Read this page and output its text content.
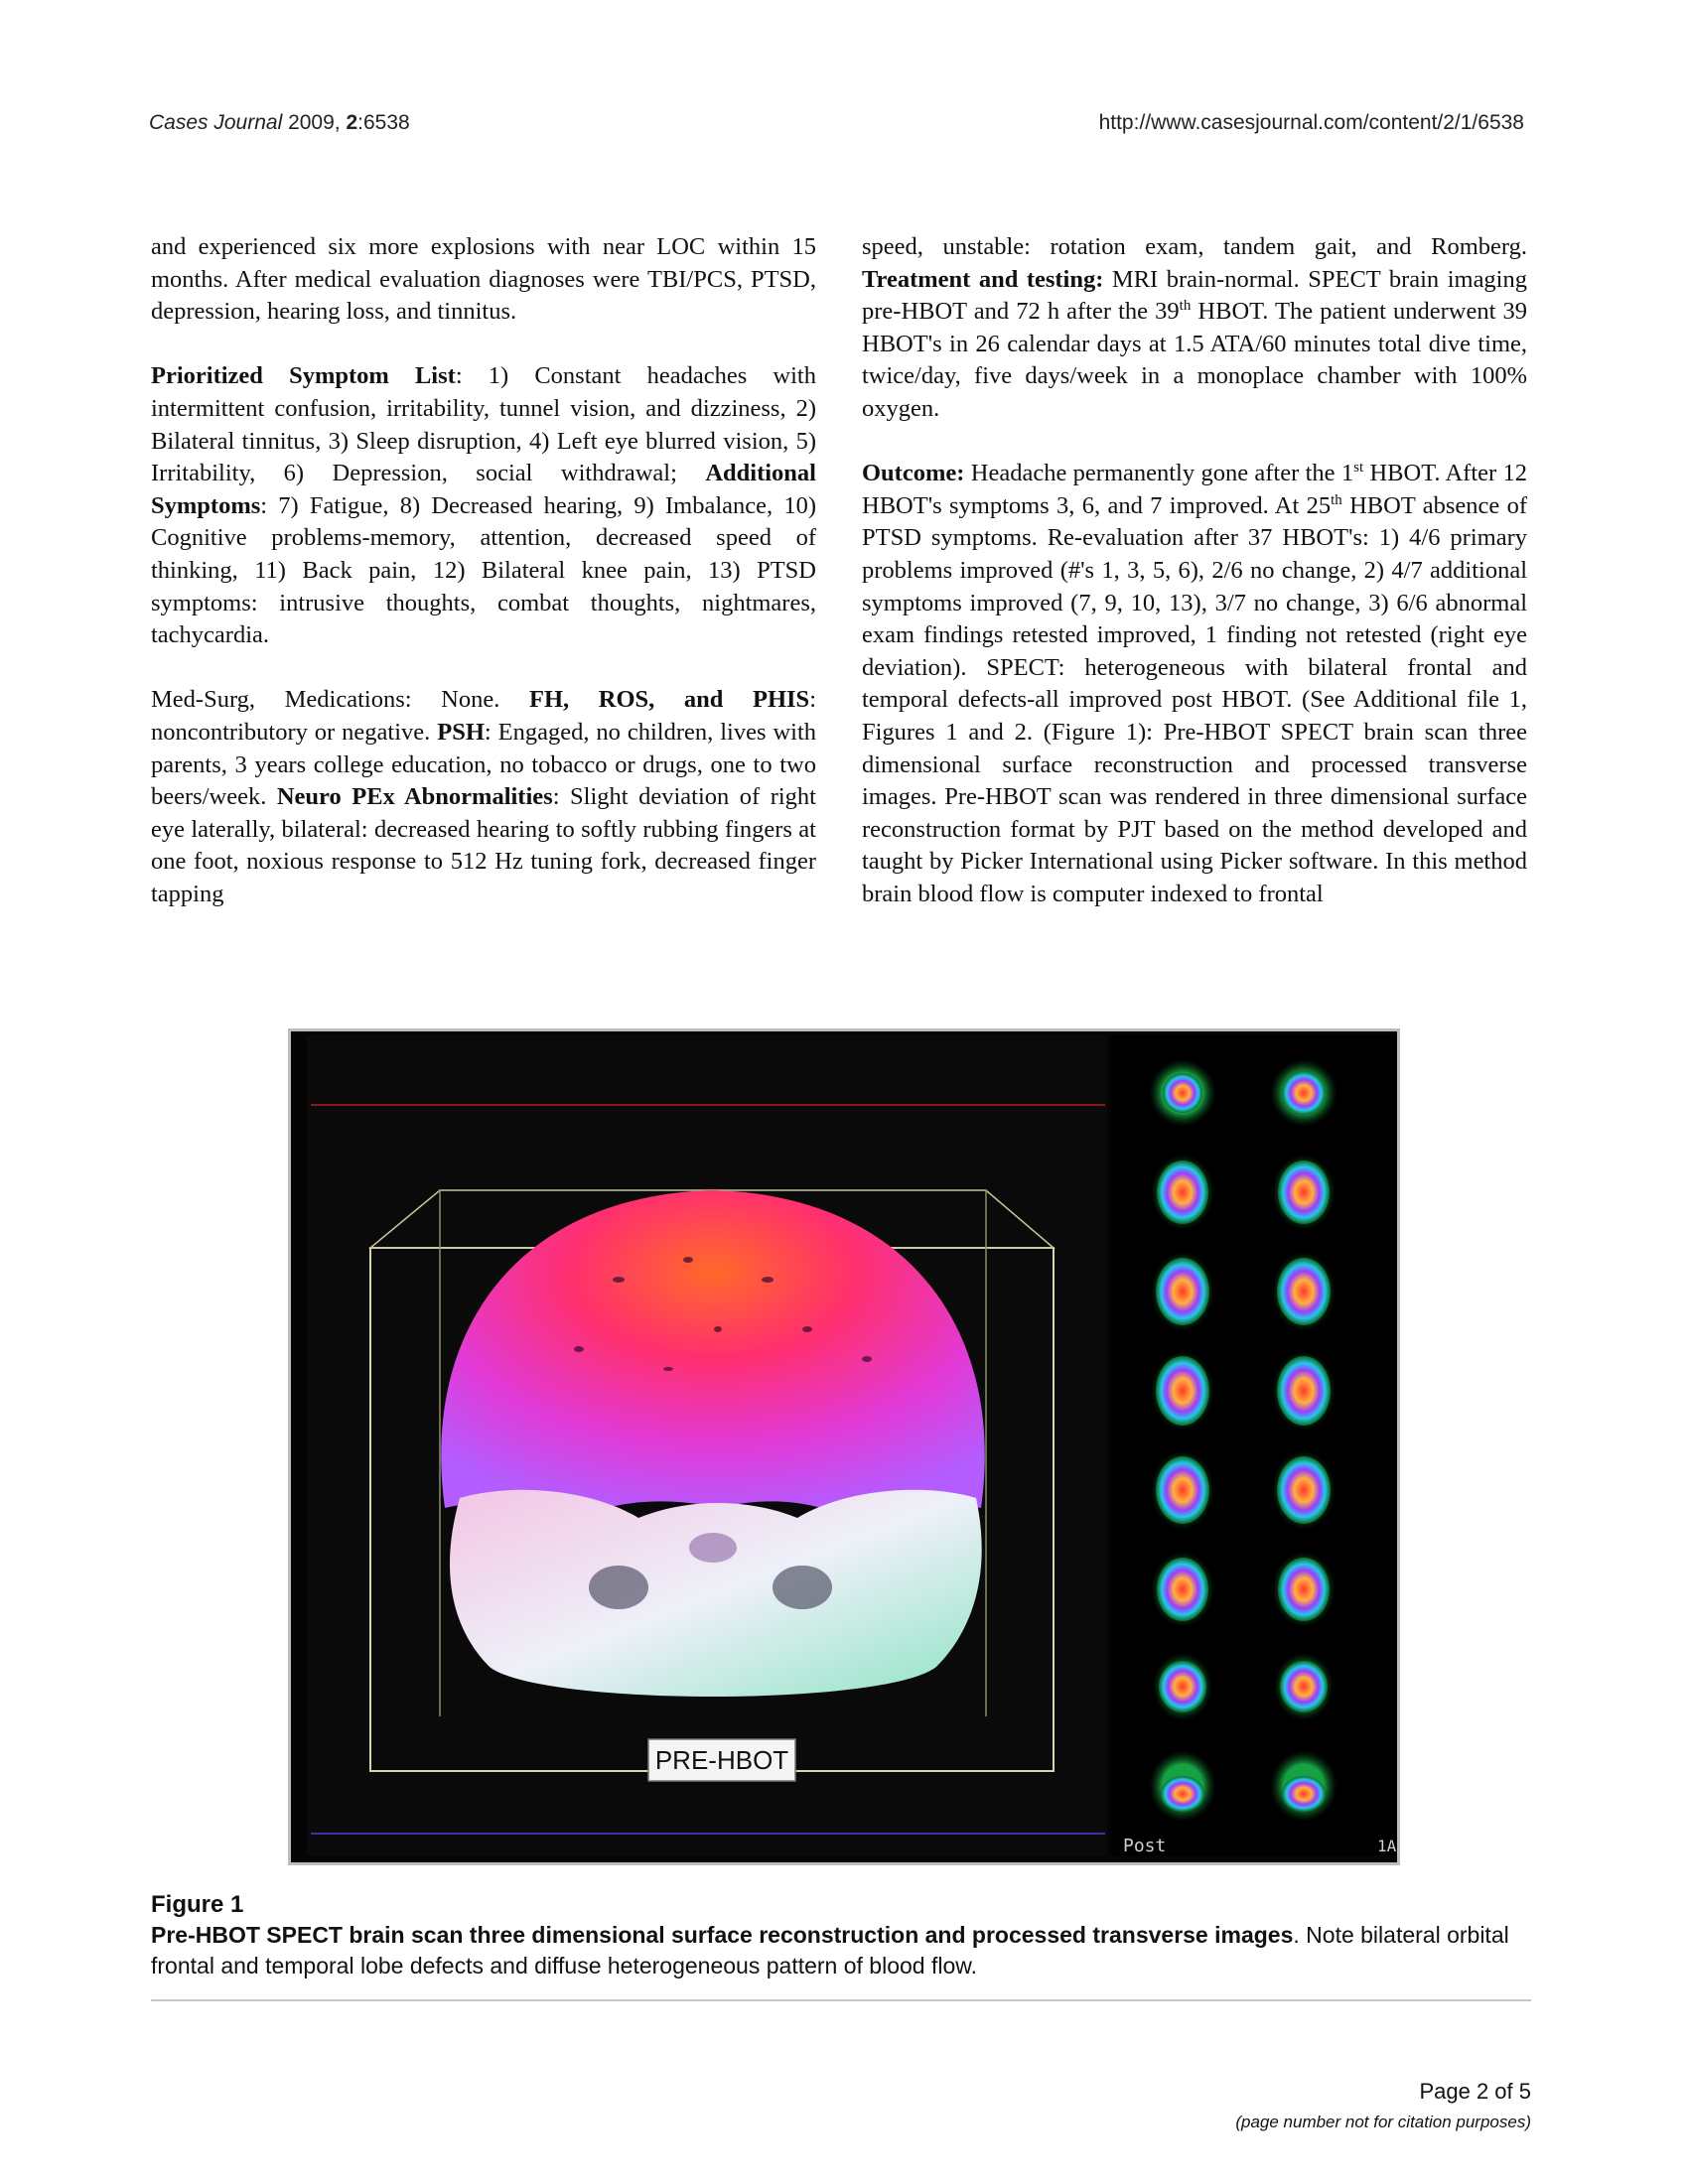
Cases Journal 2009, 2:6538	http://www.casesjournal.com/content/2/1/6538

and experienced six more explosions with near LOC within 15 months. After medical evaluation diagnoses were TBI/PCS, PTSD, depression, hearing loss, and tinnitus.

Prioritized Symptom List: 1) Constant headaches with intermittent confusion, irritability, tunnel vision, and dizziness, 2) Bilateral tinnitus, 3) Sleep disruption, 4) Left eye blurred vision, 5) Irritability, 6) Depression, social withdrawal; Additional Symptoms: 7) Fatigue, 8) Decreased hearing, 9) Imbalance, 10) Cognitive problems-memory, attention, decreased speed of thinking, 11) Back pain, 12) Bilateral knee pain, 13) PTSD symptoms: intrusive thoughts, combat thoughts, nightmares, tachycardia.

Med-Surg, Medications: None. FH, ROS, and PHIS: noncontributory or negative. PSH: Engaged, no children, lives with parents, 3 years college education, no tobacco or drugs, one to two beers/week. Neuro PEx Abnormalities: Slight deviation of right eye laterally, bilateral: decreased hearing to softly rubbing fingers at one foot, noxious response to 512 Hz tuning fork, decreased finger tapping

speed, unstable: rotation exam, tandem gait, and Romberg. Treatment and testing: MRI brain-normal. SPECT brain imaging pre-HBOT and 72 h after the 39th HBOT. The patient underwent 39 HBOT's in 26 calendar days at 1.5 ATA/60 minutes total dive time, twice/day, five days/week in a monoplace chamber with 100% oxygen.

Outcome: Headache permanently gone after the 1st HBOT. After 12 HBOT's symptoms 3, 6, and 7 improved. At 25th HBOT absence of PTSD symptoms. Re-evaluation after 37 HBOT's: 1) 4/6 primary problems improved (#'s 1, 3, 5, 6), 2/6 no change, 2) 4/7 additional symptoms improved (7, 9, 10, 13), 3/7 no change, 3) 6/6 abnormal exam findings retested improved, 1 finding not retested (right eye deviation). SPECT: heterogeneous with bilateral frontal and temporal defects-all improved post HBOT. (See Additional file 1, Figures 1 and 2. (Figure 1): Pre-HBOT SPECT brain scan three dimensional surface reconstruction and processed transverse images. Pre-HBOT scan was rendered in three dimensional surface reconstruction format by PJT based on the method developed and taught by Picker International using Picker software. In this method brain blood flow is computer indexed to frontal

PRE-HBOT
Post	1A
Figure 1
Pre-HBOT SPECT brain scan three dimensional surface reconstruction and processed transverse images. Note bilateral orbital frontal and temporal lobe defects and diffuse heterogeneous pattern of blood flow.
Page 2 of 5
(page number not for citation purposes)
